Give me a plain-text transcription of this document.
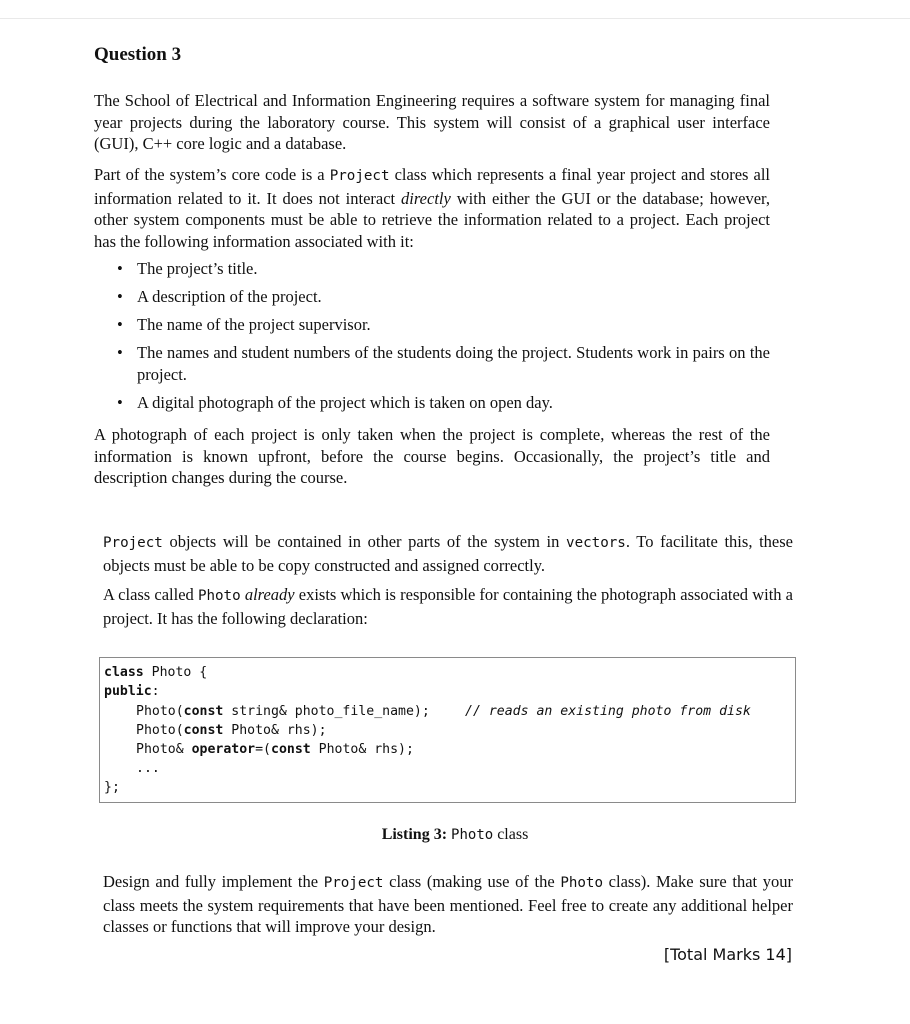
Question 3
The School of Electrical and Information Engineering requires a software system for managing final year projects during the laboratory course. This system will consist of a graphical user interface (GUI), C++ core logic and a database.
Part of the system’s core code is a Project class which represents a final year project and stores all information related to it. It does not interact directly with either the GUI or the database; however, other system components must be able to retrieve the information related to a project. Each project has the following information associated with it:
• The project’s title.
• A description of the project.
• The name of the project supervisor.
• The names and student numbers of the students doing the project. Students work in pairs on the project.
• A digital photograph of the project which is taken on open day.
A photograph of each project is only taken when the project is complete, whereas the rest of the information is known upfront, before the course begins. Occasionally, the project’s title and description changes during the course.
Project objects will be contained in other parts of the system in vectors. To facilitate this, these objects must be able to be copy constructed and assigned correctly.
A class called Photo already exists which is responsible for containing the photograph associated with a project. It has the following declaration:
class Photo {
public:
Photo(const string& photo_file_name);	// reads an existing photo from disk
Photo(const Photo& rhs);
Photo& operator=(const Photo& rhs);
...
};
Listing 3: Photo class
Design and fully implement the Project class (making use of the Photo class). Make sure that your class meets the system requirements that have been mentioned. Feel free to create any additional helper classes or functions that will improve your design.
[Total Marks 14]
